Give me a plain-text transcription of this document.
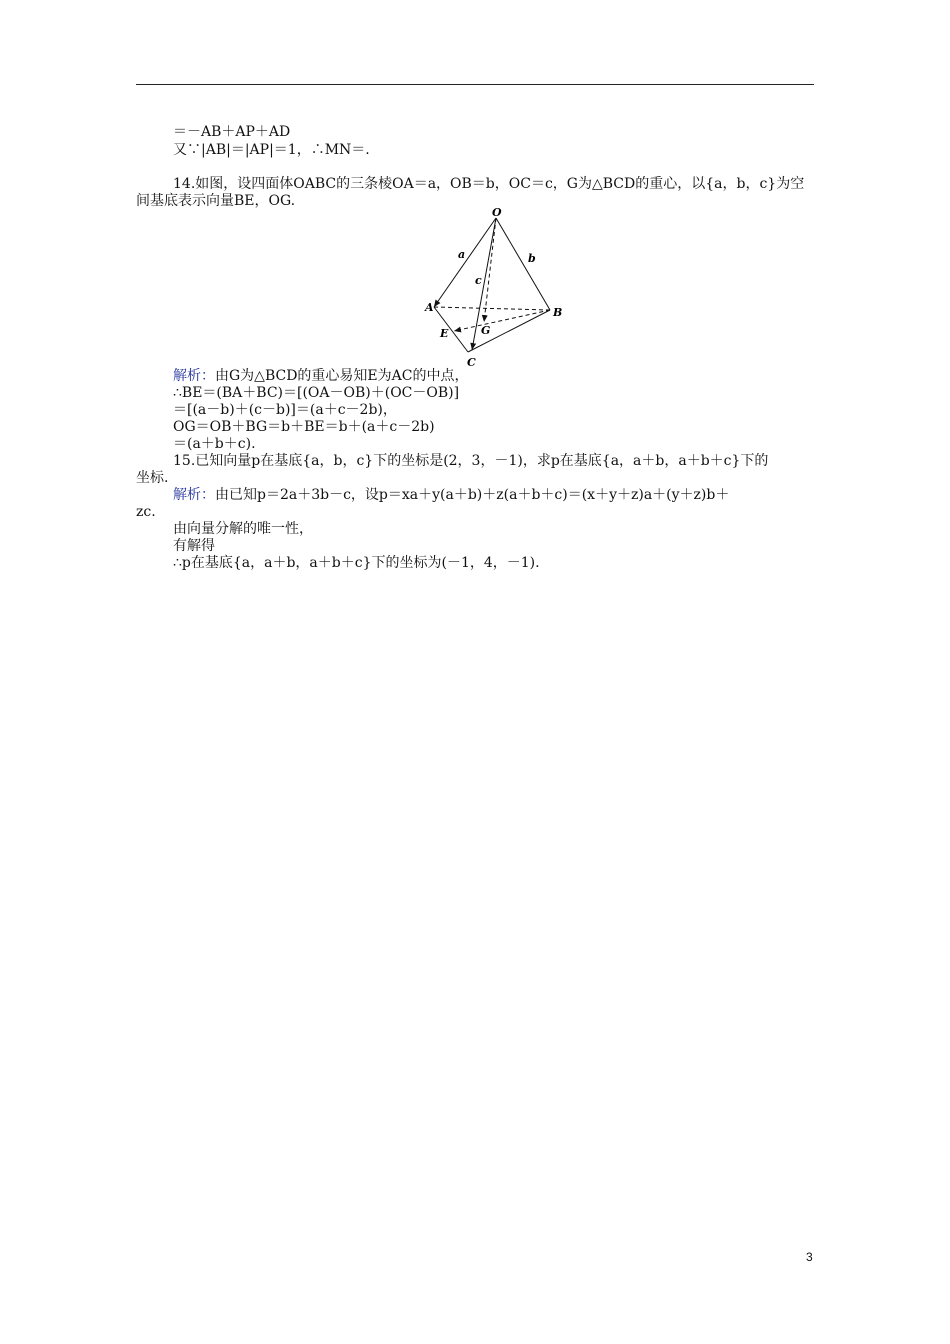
＝－AB＋AP＋AD
又∵|AB|＝|AP|＝1，∴MN＝.
14.如图，设四面体OABC的三条棱OA＝a，OB＝b，OC＝c，G为△BCD的重心，以{a，b，c}为空
间基底表示向量BE，OG.
O
A	B
C
E	G
a	b
c
解析：由G为△BCD的重心易知E为AC的中点，
∴BE＝(BA＋BC)＝[(OA－OB)＋(OC－OB)]
＝[(a－b)＋(c－b)]＝(a＋c－2b)，
OG＝OB＋BG＝b＋BE＝b＋(a＋c－2b)
＝(a＋b＋c).
15.已知向量p在基底{a，b，c}下的坐标是(2，3，－1)，求p在基底{a，a＋b，a＋b＋c}下的
坐标.
解析：由已知p＝2a＋3b－c，设p＝xa＋y(a＋b)＋z(a＋b＋c)＝(x＋y＋z)a＋(y＋z)b＋
zc.
由向量分解的唯一性，
有解得
∴p在基底{a，a＋b，a＋b＋c}下的坐标为(－1，4，－1).
3
